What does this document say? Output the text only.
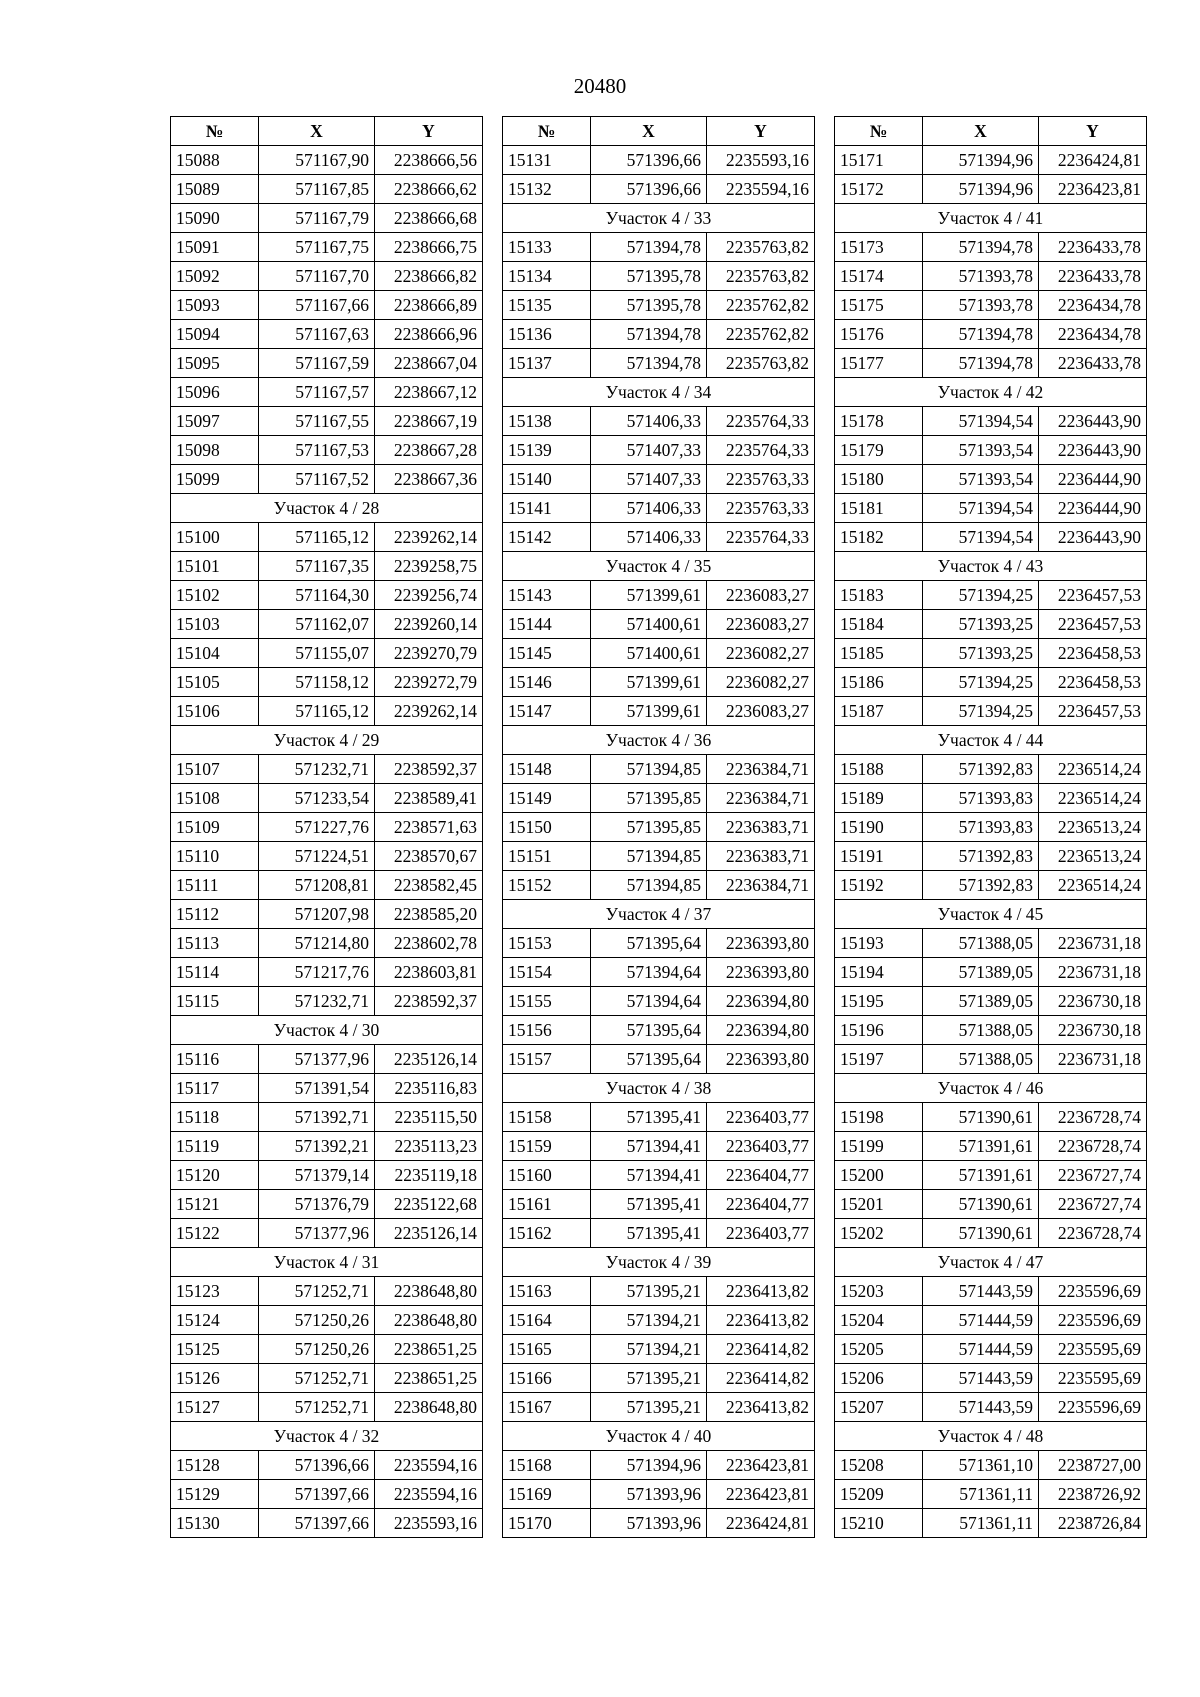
20480
№	X	Y
15088	571167,90	2238666,56
15089	571167,85	2238666,62
15090	571167,79	2238666,68
15091	571167,75	2238666,75
15092	571167,70	2238666,82
15093	571167,66	2238666,89
15094	571167,63	2238666,96
15095	571167,59	2238667,04
15096	571167,57	2238667,12
15097	571167,55	2238667,19
15098	571167,53	2238667,28
15099	571167,52	2238667,36
Участок 4 / 28		
15100	571165,12	2239262,14
15101	571167,35	2239258,75
15102	571164,30	2239256,74
15103	571162,07	2239260,14
15104	571155,07	2239270,79
15105	571158,12	2239272,79
15106	571165,12	2239262,14
Участок 4 / 29		
15107	571232,71	2238592,37
15108	571233,54	2238589,41
15109	571227,76	2238571,63
15110	571224,51	2238570,67
15111	571208,81	2238582,45
15112	571207,98	2238585,20
15113	571214,80	2238602,78
15114	571217,76	2238603,81
15115	571232,71	2238592,37
Участок 4 / 30		
15116	571377,96	2235126,14
15117	571391,54	2235116,83
15118	571392,71	2235115,50
15119	571392,21	2235113,23
15120	571379,14	2235119,18
15121	571376,79	2235122,68
15122	571377,96	2235126,14
Участок 4 / 31		
15123	571252,71	2238648,80
15124	571250,26	2238648,80
15125	571250,26	2238651,25
15126	571252,71	2238651,25
15127	571252,71	2238648,80
Участок 4 / 32		
15128	571396,66	2235594,16
15129	571397,66	2235594,16
15130	571397,66	2235593,16
№	X	Y
15131	571396,66	2235593,16
15132	571396,66	2235594,16
Участок 4 / 33		
15133	571394,78	2235763,82
15134	571395,78	2235763,82
15135	571395,78	2235762,82
15136	571394,78	2235762,82
15137	571394,78	2235763,82
Участок 4 / 34		
15138	571406,33	2235764,33
15139	571407,33	2235764,33
15140	571407,33	2235763,33
15141	571406,33	2235763,33
15142	571406,33	2235764,33
Участок 4 / 35		
15143	571399,61	2236083,27
15144	571400,61	2236083,27
15145	571400,61	2236082,27
15146	571399,61	2236082,27
15147	571399,61	2236083,27
Участок 4 / 36		
15148	571394,85	2236384,71
15149	571395,85	2236384,71
15150	571395,85	2236383,71
15151	571394,85	2236383,71
15152	571394,85	2236384,71
Участок 4 / 37		
15153	571395,64	2236393,80
15154	571394,64	2236393,80
15155	571394,64	2236394,80
15156	571395,64	2236394,80
15157	571395,64	2236393,80
Участок 4 / 38		
15158	571395,41	2236403,77
15159	571394,41	2236403,77
15160	571394,41	2236404,77
15161	571395,41	2236404,77
15162	571395,41	2236403,77
Участок 4 / 39		
15163	571395,21	2236413,82
15164	571394,21	2236413,82
15165	571394,21	2236414,82
15166	571395,21	2236414,82
15167	571395,21	2236413,82
Участок 4 / 40		
15168	571394,96	2236423,81
15169	571393,96	2236423,81
15170	571393,96	2236424,81
№	X	Y
15171	571394,96	2236424,81
15172	571394,96	2236423,81
Участок 4 / 41		
15173	571394,78	2236433,78
15174	571393,78	2236433,78
15175	571393,78	2236434,78
15176	571394,78	2236434,78
15177	571394,78	2236433,78
Участок 4 / 42		
15178	571394,54	2236443,90
15179	571393,54	2236443,90
15180	571393,54	2236444,90
15181	571394,54	2236444,90
15182	571394,54	2236443,90
Участок 4 / 43		
15183	571394,25	2236457,53
15184	571393,25	2236457,53
15185	571393,25	2236458,53
15186	571394,25	2236458,53
15187	571394,25	2236457,53
Участок 4 / 44		
15188	571392,83	2236514,24
15189	571393,83	2236514,24
15190	571393,83	2236513,24
15191	571392,83	2236513,24
15192	571392,83	2236514,24
Участок 4 / 45		
15193	571388,05	2236731,18
15194	571389,05	2236731,18
15195	571389,05	2236730,18
15196	571388,05	2236730,18
15197	571388,05	2236731,18
Участок 4 / 46		
15198	571390,61	2236728,74
15199	571391,61	2236728,74
15200	571391,61	2236727,74
15201	571390,61	2236727,74
15202	571390,61	2236728,74
Участок 4 / 47		
15203	571443,59	2235596,69
15204	571444,59	2235596,69
15205	571444,59	2235595,69
15206	571443,59	2235595,69
15207	571443,59	2235596,69
Участок 4 / 48		
15208	571361,10	2238727,00
15209	571361,11	2238726,92
15210	571361,11	2238726,84
